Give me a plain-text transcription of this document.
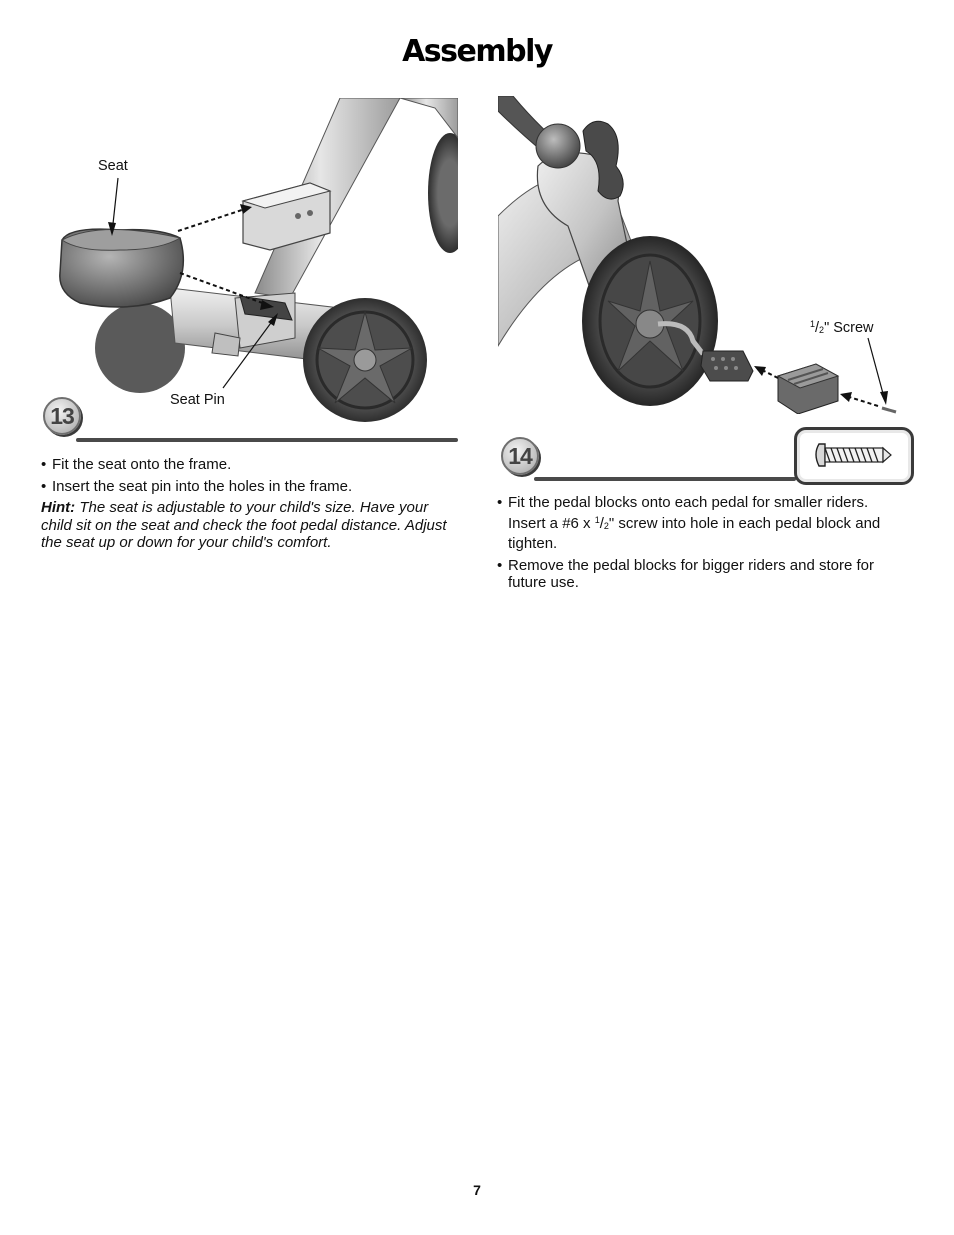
Assembly
Seat
Seat Pin
13
• Fit the seat onto the frame.
• Insert the seat pin into the holes in the frame.
Hint: The seat is adjustable to your child's size. Have your child sit on the seat and check the foot pedal distance. Adjust the seat up or down for your child's comfort.
$^1/_2$" Screw
14
• Fit the pedal blocks onto each pedal for smaller riders. Insert a #6 x $^1/_2$" screw into hole in each pedal block and tighten.
• Remove the pedal blocks for bigger riders and store for future use.
7
